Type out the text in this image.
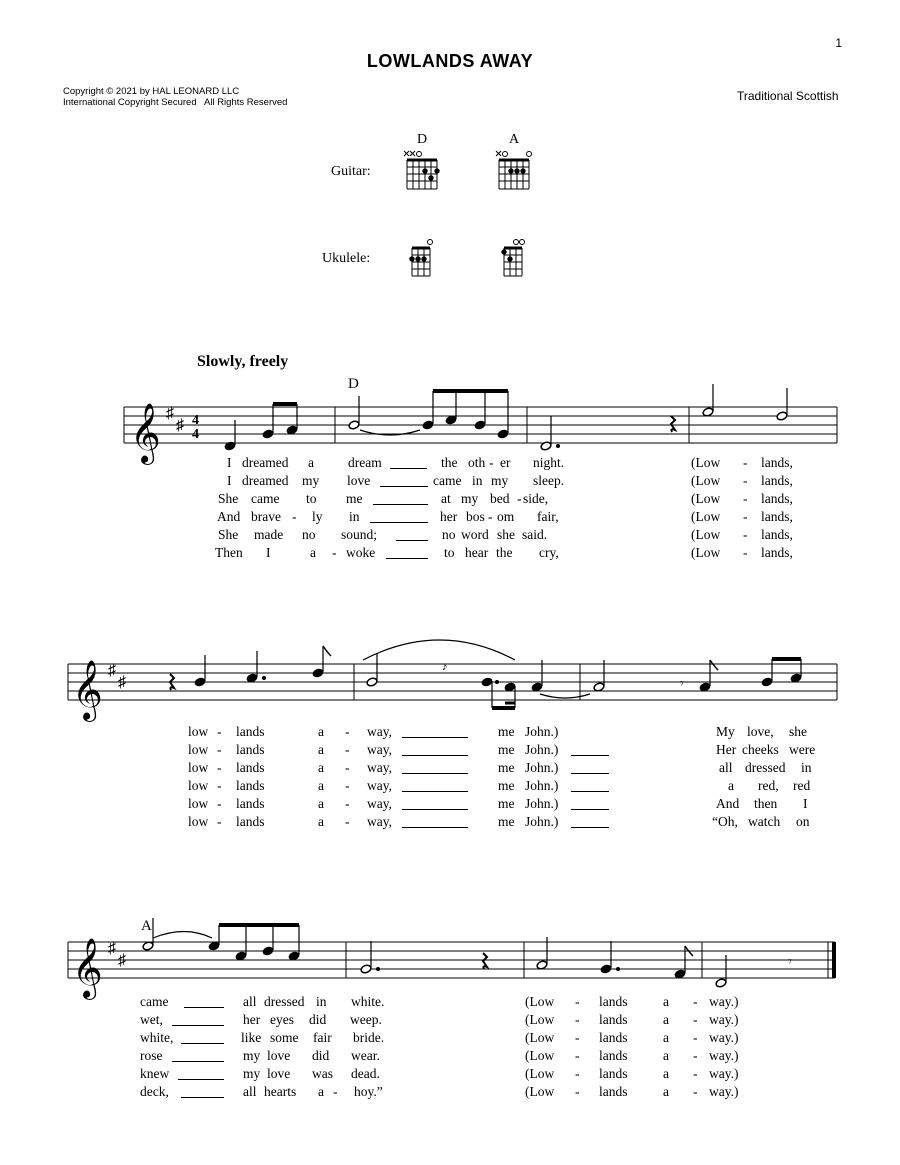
1
LOWLANDS AWAY
Copyright © 2021 by HAL LEONARD LLC
International Copyright Secured   All Rights Reserved	Traditional Scottish
Guitar:
Ukulele:
D	A
Slowly, freely
D
A
𝄞 ♯
♯ 4
4
𝄞 ♯
♯
♪
𝄾
𝄞 ♯
♯	𝄾
I dreamed a	dream	the oth - er night.	(Low - lands,
I dreamed my love	came in my sleep.	(Low - lands,
She came to me	at my bed - side,	(Low - lands,
And brave - ly in	her bos - om fair,	(Low - lands,
She made no sound;	no word she said.	(Low - lands,
Then I	a - woke	to hear the cry,	(Low - lands,
low - lands	a - way,	me John.)	My love, she
low - lands	a - way,	me John.)	Her cheeks were
low - lands	a - way,	me John.)	all dressed in
low - lands	a - way,	me John.)	a red, red
low - lands	a - way,	me John.)	And then I
low - lands	a - way,	me John.)	“Oh, watch on
came	all dressed in white.	(Low - lands	a - way.)
wet,	her eyes did weep.	(Low - lands	a - way.)
white,	like some fair bride.	(Low - lands	a - way.)
rose	my love did wear.	(Low - lands	a - way.)
knew	my love was dead.	(Low - lands	a - way.)
deck,	all hearts a - hoy.”	(Low - lands	a - way.)
